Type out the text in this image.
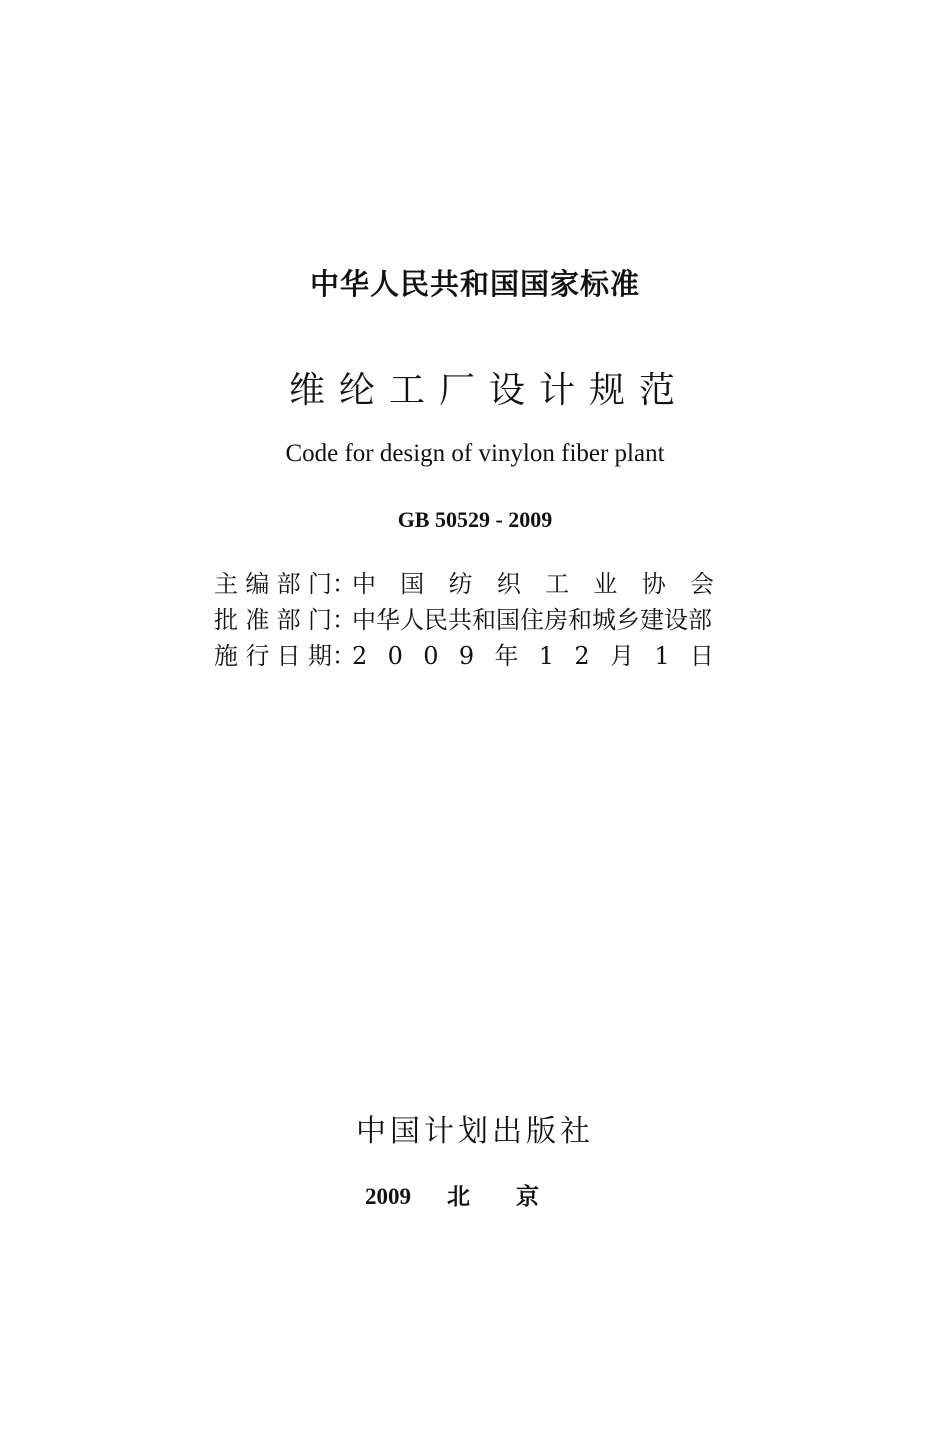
中华人民共和国国家标准
维纶工厂设计规范
Code for design of vinylon fiber plant
GB 50529 - 2009
主编部门 ：
中 国 纺 织 工 业 协 会
批准部门 ：
中华人民共和国住房和城乡建设部
施行日期 ：
2 0 0 9 年 1 2 月 1 日
中国计划出版社
2009 北京
